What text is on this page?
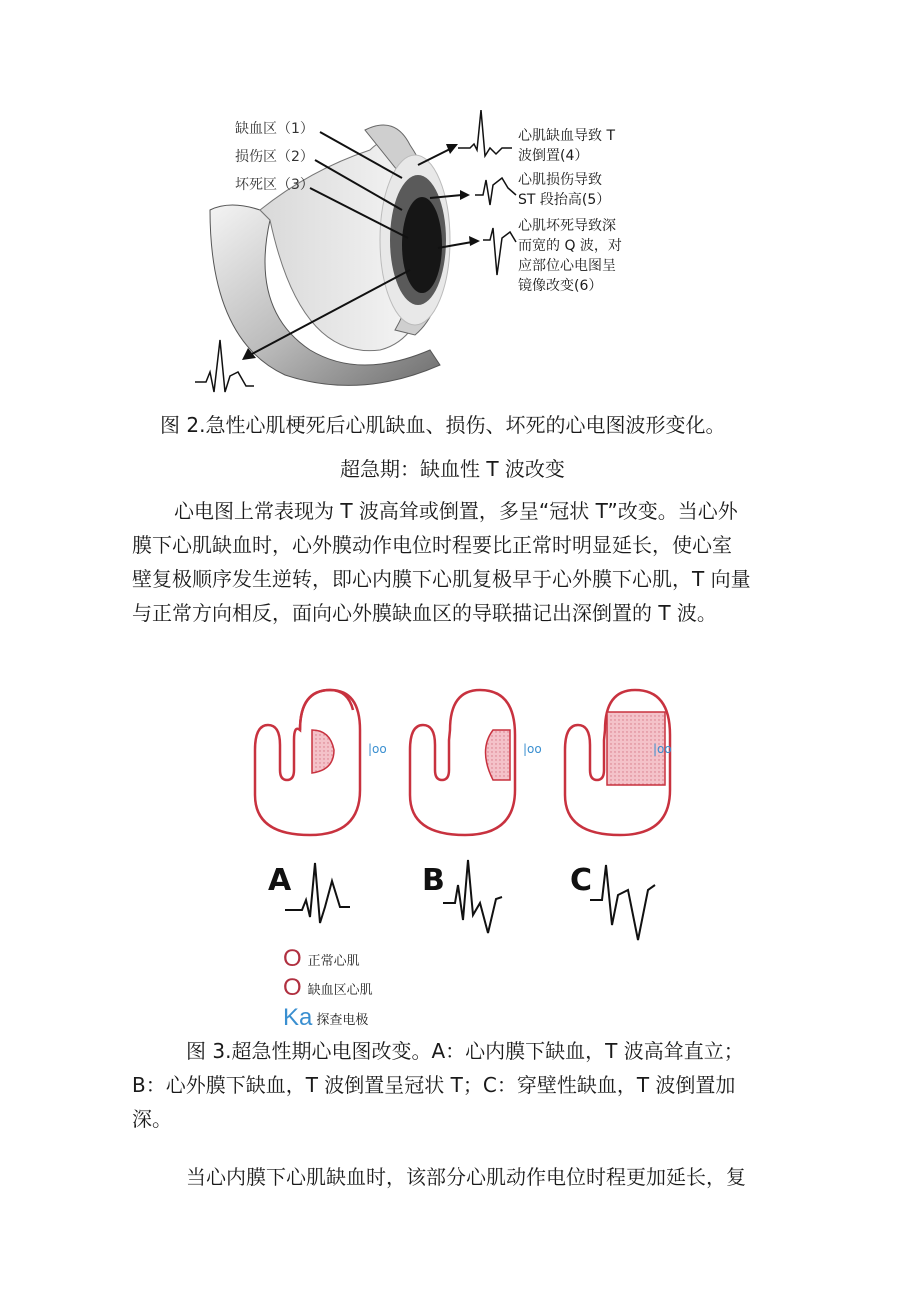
缺血区（1）
损伤区（2）
坏死区（3）
心肌缺血导致 T
波倒置(4）
心肌损伤导致
ST 段抬高(5）
心肌坏死导致深
而宽的 Q 波，对
应部位心电图呈
镜像改变(6）
图 2.急性心肌梗死后心肌缺血、损伤、坏死的心电图波形变化。
超急期：缺血性 T 波改变
心电图上常表现为 T 波高耸或倒置，多呈“冠状 T”改变。当心外
膜下心肌缺血时，心外膜动作电位时程要比正常时明显延长，使心室
壁复极顺序发生逆转，即心内膜下心肌复极早于心外膜下心肌，T 向量
与正常方向相反，面向心外膜缺血区的导联描记出深倒置的 T 波。
|ᴏᴏ	|ᴏᴏ	|ᴏᴏ
A	B	C
O 正常心肌
O 缺血区心肌
Ka 探查电极
图 3.超急性期心电图改变。A：心内膜下缺血，T 波高耸直立；
B：心外膜下缺血，T 波倒置呈冠状 T；C：穿壁性缺血，T 波倒置加
深。
当心内膜下心肌缺血时，该部分心肌动作电位时程更加延长，复
